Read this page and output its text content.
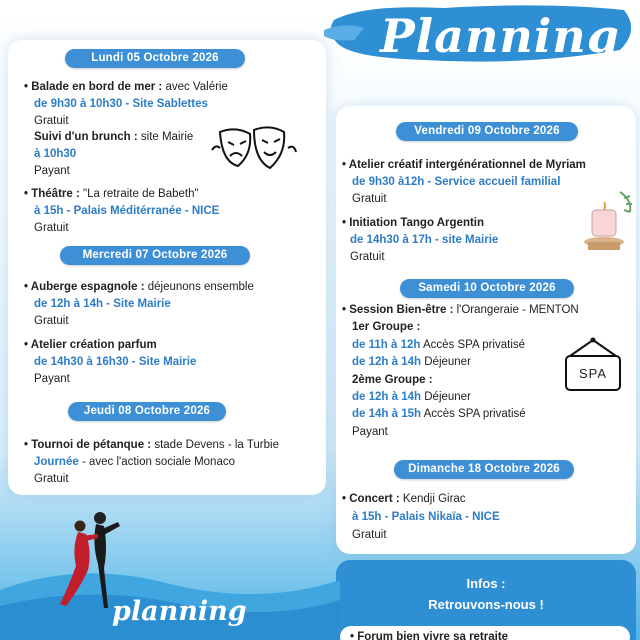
Planning
Lundi 05 Octobre 2026
• Balade en bord de mer : avec Valérie
de 9h30 à 10h30 - Site Sablettes
Gratuit
Suivi d'un brunch : site Mairie
à 10h30
Payant
• Théâtre : "La retraite de Babeth"
à 15h - Palais Méditérranée - NICE
Gratuit
Mercredi 07 Octobre 2026
• Auberge espagnole : déjeunons ensemble
de 12h à 14h - Site Mairie
Gratuit
• Atelier création parfum
de 14h30 à 16h30 - Site Mairie
Payant
Jeudi 08 Octobre 2026
• Tournoi de pétanque : stade Devens - la Turbie
Journée - avec l'action sociale Monaco
Gratuit
Vendredi 09 Octobre 2026
• Atelier créatif intergénérationnel de Myriam
de 9h30 à12h - Service accueil familial
Gratuit
• Initiation Tango Argentin
de 14h30 à 17h - site Mairie
Gratuit
Samedi 10 Octobre 2026
• Session Bien-être : l'Orangeraie - MENTON
1er Groupe :
de 11h à 12h Accès SPA privatisé
de 12h à 14h Déjeuner
2ème Groupe :
de 12h à 14h Déjeuner
de 14h à 15h Accès SPA privatisé
Payant
SPA
Dimanche 18 Octobre 2026
• Concert : Kendji Girac
à 15h - Palais Nikaïa - NICE
Gratuit
Infos :
Retrouvons-nous !
• Forum bien vivre sa retraite
planning
